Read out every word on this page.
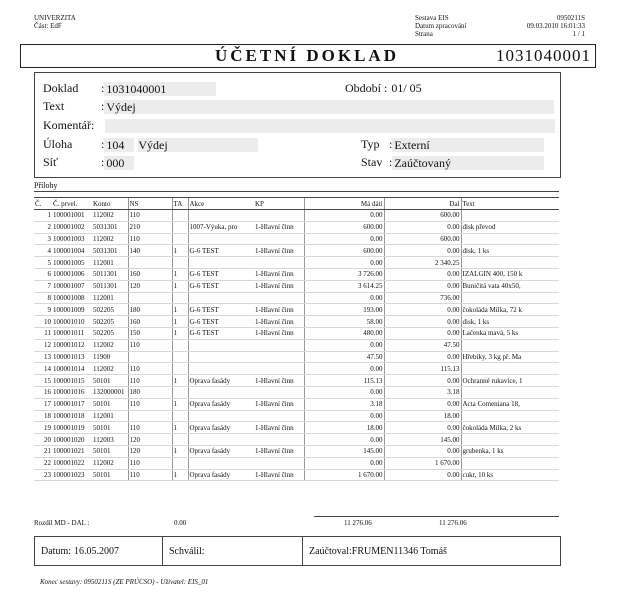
UNIVERZITA
Část: EdF
Sestava EIS	0950211S
Datum zpracování	09.03.2010 16:01:33
Strana	1 / 1
ÚČETNÍ DOKLAD	1031040001
Doklad	: 1031040001	Období : 01/ 05
Text	: Výdej
Komentář:
Úloha	: 104	Výdej	Typ : Externí
Síť	: 000	Stav : Zaúčtovaný
Přílohy
Č.	Č. prvel.	Konto	NS	TA	Akce	KP	Má dáti	Dal	Text
1	100001001	112002	110				0.00	600.00	
2	100001002	5031301	210		1007-Výuka, pro	1-Hlavní činn	600.00	0.00	disk převod
3	100001003	112002	110				0.00	600.00	
4	100001004	5031301	140	1	G-6 TEST	1-Hlavní činn	600.00	0.00	disk, 1 ks
5	100001005	112001					0.00	2 340.25	
6	100001006	5011301	160	1	G-6 TEST	1-Hlavní činn	3 726.00	0.00	IZALGIN 400, 150 k
7	100001007	5011301	120	1	G-6 TEST	1-Hlavní činn	3 614.25	0.00	Buničitá vata 40x50,
8	100001008	112001					0.00	736.00	
9	100001009	502205	180	1	G-6 TEST	1-Hlavní činn	193.00	0.00	čokoláda Milka, 72 k
10	100001010	502205	160	1	G-6 TEST	1-Hlavní činn	58.00	0.00	disk, 1 ks
11	100001011	502205	150	1	G-6 TEST	1-Hlavní činn	480.00	0.00	Lačenka mavá, 5 ks
12	100001012	112002	110				0.00	47.50	
13	100001013	11900					47.50	0.00	Hřebíky, 3 kg př. Ma
14	100001014	112002	110				0.00	115.13	
15	100001015	50101	110	1	Oprava fasády	1-Hlavní činn	115.13	0.00	Ochranné rukavice, 1
16	100001016	132000001	180				0.00	3.18	
17	100001017	50101	110	1	Oprava fasády	1-Hlavní činn	3.18	0.00	Acta Comeniana 18,
18	100001018	112001					0.00	18.00	
19	100001019	50101	110	1	Oprava fasády	1-Hlavní činn	18.00	0.00	čokoláda Milka, 2 ks
20	100001020	112003	120				0.00	145.00	
21	100001021	50101	120	1	Oprava fasády	1-Hlavní činn	145.00	0.00	grubenka, 1 ks
22	100001022	112002	110				0.00	1 670.00	
23	100001023	50101	110	1	Oprava fasády	1-Hlavní činn	1 670.00	0.00	cukr, 10 ks
Rozdíl MD - DAL :	0.00	11 276.06	11 276.06
Datum: 16.05.2007	Schválil:	Zaúčtoval: FRUMEN11346 Tomáš
Konec sestavy: 0950211S (ZE PRÚCSO) - Uživatel: EIS_01
